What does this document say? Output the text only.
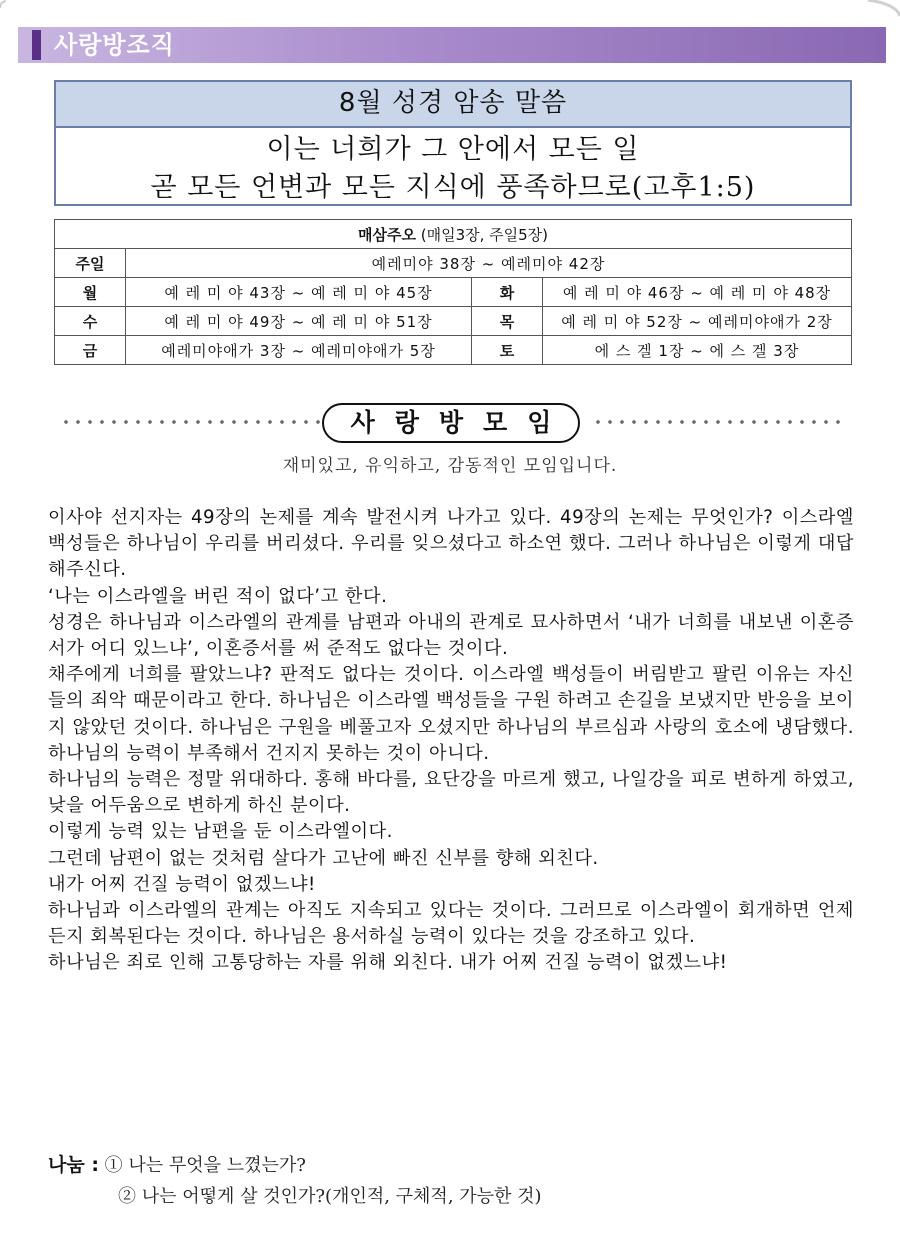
사랑방조직
8월 성경 암송 말씀
이는 너희가 그 안에서 모든 일
곧 모든 언변과 모든 지식에 풍족하므로(고후1:5)
매삼주오 (매일3장, 주일5장)			
주일	예레미야 38장 ~ 예레미야 42장		
월	예 레 미 야 43장 ~ 예 레 미 야 45장	화	예 레 미 야 46장 ~ 예 레 미 야 48장
수	예 레 미 야 49장 ~ 예 레 미 야 51장	목	예 레 미 야 52장 ~ 예레미야애가 2장
금	예레미야애가 3장 ~ 예레미야애가 5장	토	에 스 겔 1장 ~ 에 스 겔 3장
사랑방모임
재미있고, 유익하고, 감동적인 모임입니다.

이사야 선지자는 49장의 논제를 계속 발전시켜 나가고 있다. 49장의 논제는 무엇인가? 이스라엘 백성들은 하나님이 우리를 버리셨다. 우리를 잊으셨다고 하소연 했다. 그러나 하나님은 이렇게 대답해주신다.

‘나는 이스라엘을 버린 적이 없다’고 한다.

성경은 하나님과 이스라엘의 관계를 남편과 아내의 관계로 묘사하면서 ‘내가 너희를 내보낸 이혼증서가 어디 있느냐’, 이혼증서를 써 준적도 없다는 것이다.

채주에게 너희를 팔았느냐? 판적도 없다는 것이다. 이스라엘 백성들이 버림받고 팔린 이유는 자신들의 죄악 때문이라고 한다. 하나님은 이스라엘 백성들을 구원 하려고 손길을 보냈지만 반응을 보이지 않았던 것이다. 하나님은 구원을 베풀고자 오셨지만 하나님의 부르심과 사랑의 호소에 냉담했다. 하나님의 능력이 부족해서 건지지 못하는 것이 아니다.

하나님의 능력은 정말 위대하다. 홍해 바다를, 요단강을 마르게 했고, 나일강을 피로 변하게 하였고, 낮을 어두움으로 변하게 하신 분이다.

이렇게 능력 있는 남편을 둔 이스라엘이다.

그런데 남편이 없는 것처럼 살다가 고난에 빠진 신부를 향해 외친다.

내가 어찌 건질 능력이 없겠느냐!

하나님과 이스라엘의 관계는 아직도 지속되고 있다는 것이다. 그러므로 이스라엘이 회개하면 언제든지 회복된다는 것이다. 하나님은 용서하실 능력이 있다는 것을 강조하고 있다.

하나님은 죄로 인해 고통당하는 자를 위해 외친다. 내가 어찌 건질 능력이 없겠느냐!

나눔 : ① 나는 무엇을 느꼈는가?
② 나는 어떻게 살 것인가?(개인적, 구체적, 가능한 것)
